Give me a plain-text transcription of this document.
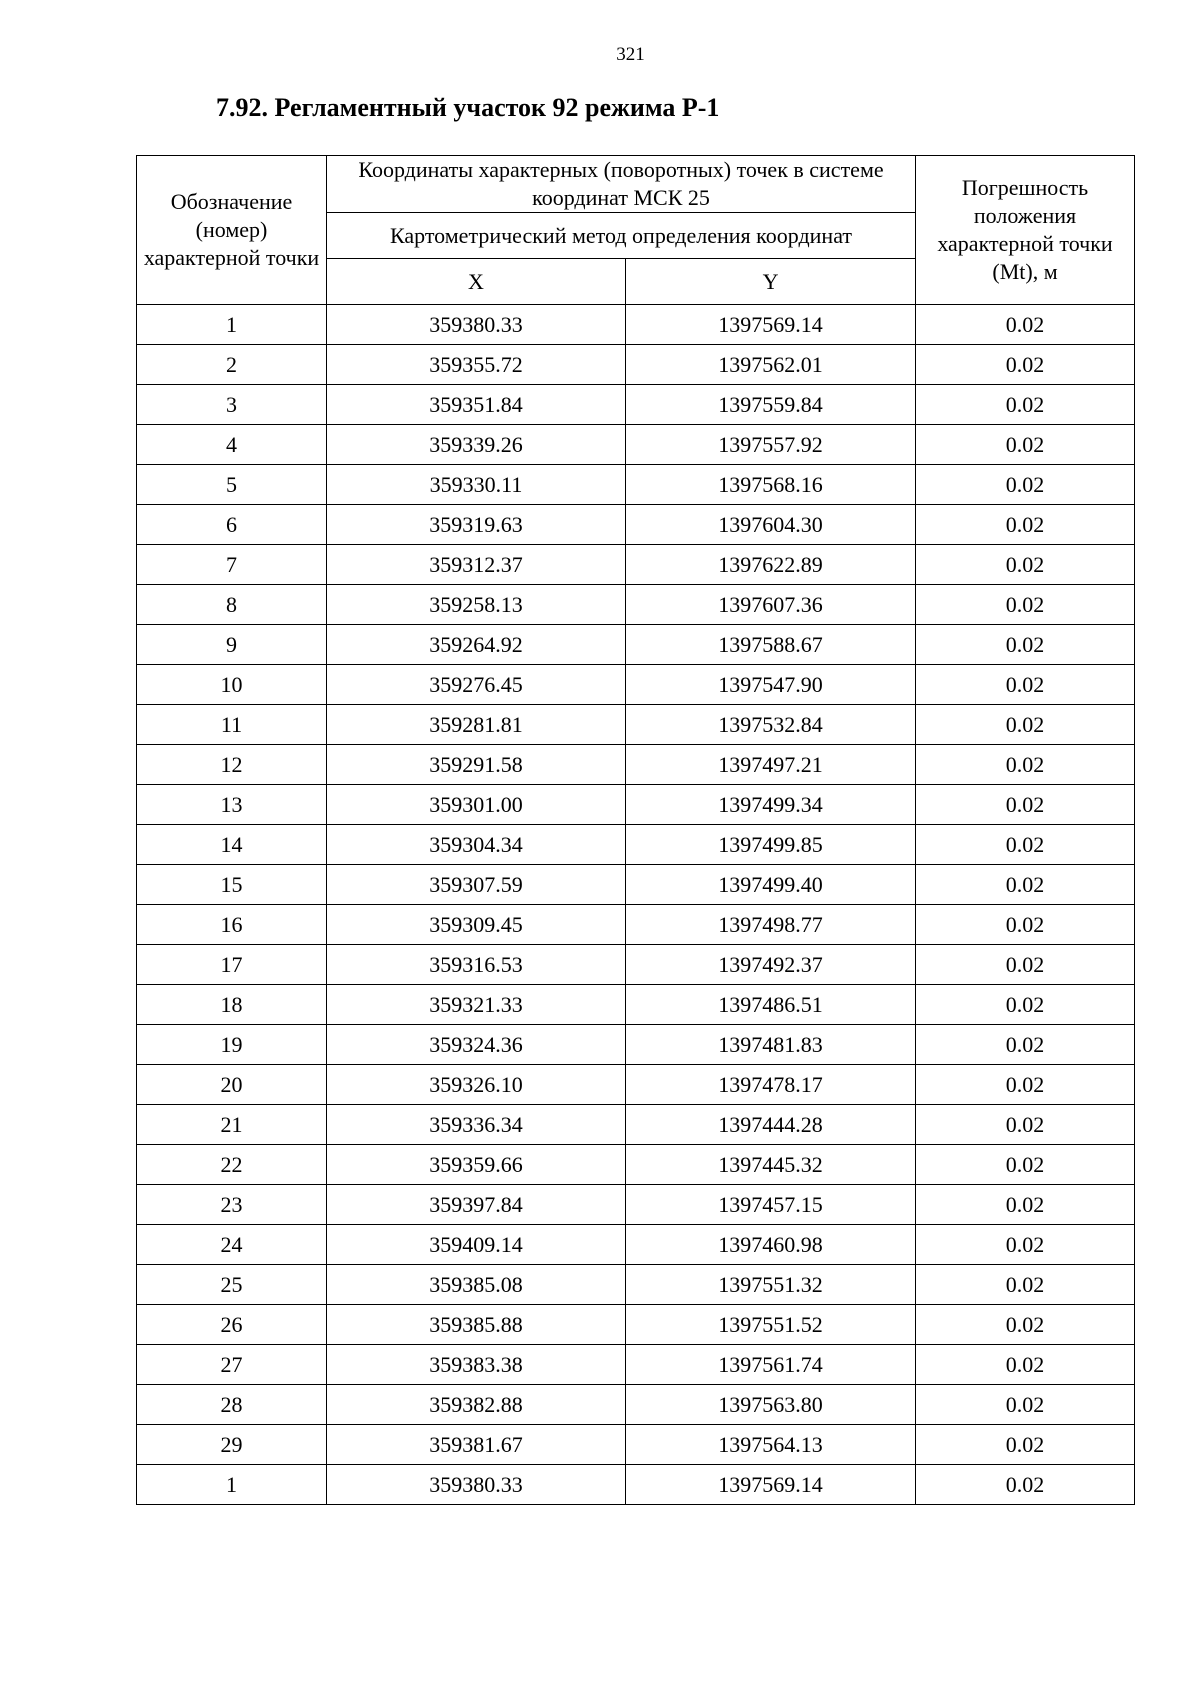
321
7.92. Регламентный участок 92 режима Р-1
Обозначение (номер) характерной точки	Координаты характерных (поворотных) точек в системе координат МСК 25		Погрешность положения характерной точки (Mt), м
	Картометрический метод определения координат		
	X	Y	
1	359380.33	1397569.14	0.02
2	359355.72	1397562.01	0.02
3	359351.84	1397559.84	0.02
4	359339.26	1397557.92	0.02
5	359330.11	1397568.16	0.02
6	359319.63	1397604.30	0.02
7	359312.37	1397622.89	0.02
8	359258.13	1397607.36	0.02
9	359264.92	1397588.67	0.02
10	359276.45	1397547.90	0.02
11	359281.81	1397532.84	0.02
12	359291.58	1397497.21	0.02
13	359301.00	1397499.34	0.02
14	359304.34	1397499.85	0.02
15	359307.59	1397499.40	0.02
16	359309.45	1397498.77	0.02
17	359316.53	1397492.37	0.02
18	359321.33	1397486.51	0.02
19	359324.36	1397481.83	0.02
20	359326.10	1397478.17	0.02
21	359336.34	1397444.28	0.02
22	359359.66	1397445.32	0.02
23	359397.84	1397457.15	0.02
24	359409.14	1397460.98	0.02
25	359385.08	1397551.32	0.02
26	359385.88	1397551.52	0.02
27	359383.38	1397561.74	0.02
28	359382.88	1397563.80	0.02
29	359381.67	1397564.13	0.02
1	359380.33	1397569.14	0.02
